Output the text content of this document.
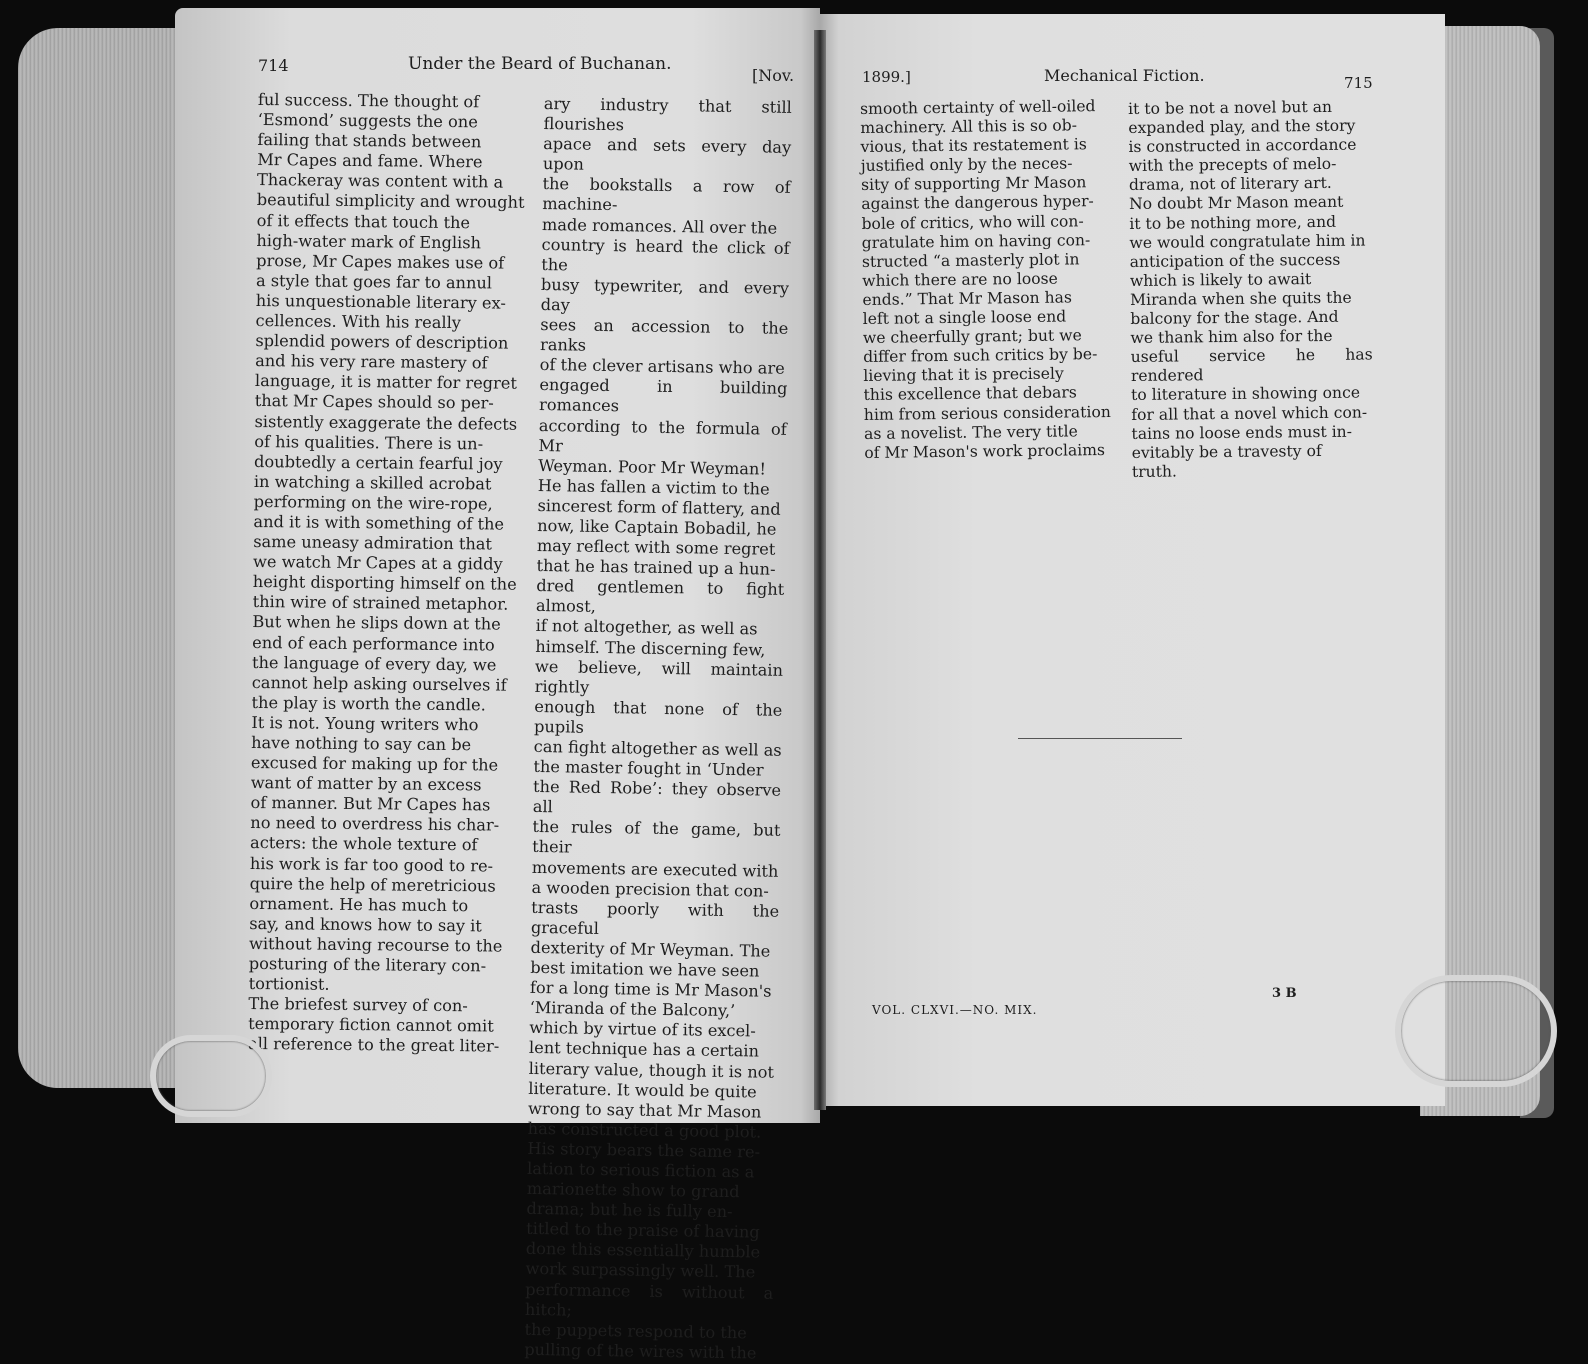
714	Under the Beard of Buchanan.
[Nov.
ful success. The thought of
‘Esmond’ suggests the one
failing that stands between
Mr Capes and fame. Where
Thackeray was content with a
beautiful simplicity and wrought
of it effects that touch the
high-water mark of English
prose, Mr Capes makes use of
a style that goes far to annul
his unquestionable literary ex-
cellences. With his really
splendid powers of description
and his very rare mastery of
language, it is matter for regret
that Mr Capes should so per-
sistently exaggerate the defects
of his qualities. There is un-
doubtedly a certain fearful joy
in watching a skilled acrobat
performing on the wire-rope,
and it is with something of the
same uneasy admiration that
we watch Mr Capes at a giddy
height disporting himself on the
thin wire of strained metaphor.
But when he slips down at the
end of each performance into
the language of every day, we
cannot help asking ourselves if
the play is worth the candle.
It is not. Young writers who
have nothing to say can be
excused for making up for the
want of matter by an excess
of manner. But Mr Capes has
no need to overdress his char-
acters: the whole texture of
his work is far too good to re-
quire the help of meretricious
ornament. He has much to
say, and knows how to say it
without having recourse to the
posturing of the literary con-
tortionist.
The briefest survey of con-
temporary fiction cannot omit
all reference to the great liter-
ary industry that still flourishes
apace and sets every day upon
the bookstalls a row of machine-
made romances. All over the
country is heard the click of the
busy typewriter, and every day
sees an accession to the ranks
of the clever artisans who are
engaged in building romances
according to the formula of Mr
Weyman. Poor Mr Weyman!
He has fallen a victim to the
sincerest form of flattery, and
now, like Captain Bobadil, he
may reflect with some regret
that he has trained up a hun-
dred gentlemen to fight almost,
if not altogether, as well as
himself. The discerning few,
we believe, will maintain rightly
enough that none of the pupils
can fight altogether as well as
the master fought in ‘Under
the Red Robe’: they observe all
the rules of the game, but their
movements are executed with
a wooden precision that con-
trasts poorly with the graceful
dexterity of Mr Weyman. The
best imitation we have seen
for a long time is Mr Mason's
‘Miranda of the Balcony,’
which by virtue of its excel-
lent technique has a certain
literary value, though it is not
literature. It would be quite
wrong to say that Mr Mason
has constructed a good plot.
His story bears the same re-
lation to serious fiction as a
marionette show to grand
drama; but he is fully en-
titled to the praise of having
done this essentially humble
work surpassingly well. The
performance is without a hitch;
the puppets respond to the
pulling of the wires with the
1899.]	Mechanical Fiction.	715
smooth certainty of well-oiled
machinery. All this is so ob-
vious, that its restatement is
justified only by the neces-
sity of supporting Mr Mason
against the dangerous hyper-
bole of critics, who will con-
gratulate him on having con-
structed “a masterly plot in
which there are no loose
ends.” That Mr Mason has
left not a single loose end
we cheerfully grant; but we
differ from such critics by be-
lieving that it is precisely
this excellence that debars
him from serious consideration
as a novelist. The very title
of Mr Mason's work proclaims
it to be not a novel but an
expanded play, and the story
is constructed in accordance
with the precepts of melo-
drama, not of literary art.
No doubt Mr Mason meant
it to be nothing more, and
we would congratulate him in
anticipation of the success
which is likely to await
Miranda when she quits the
balcony for the stage. And
we thank him also for the
useful service he has rendered
to literature in showing once
for all that a novel which con-
tains no loose ends must in-
evitably be a travesty of
truth.
VOL. CLXVI.—NO. MIX.
3 B
